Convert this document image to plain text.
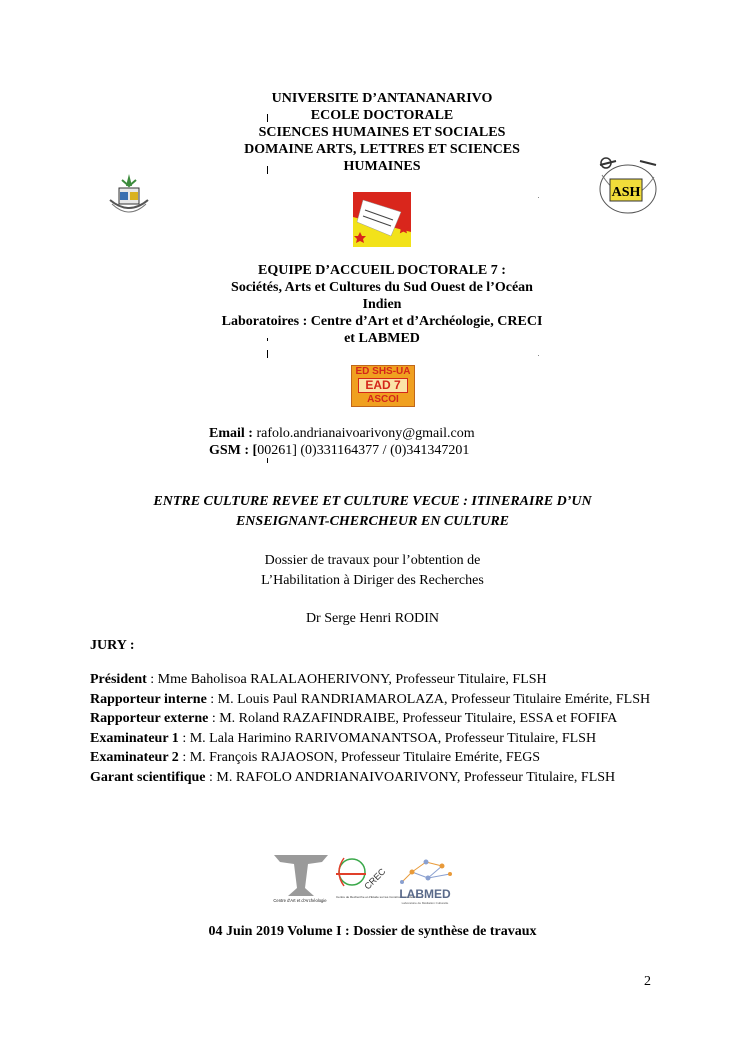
UNIVERSITE D’ANTANANARIVO
ECOLE DOCTORALE
SCIENCES HUMAINES ET SOCIALES
DOMAINE ARTS, LETTRES ET SCIENCES
HUMAINES
ASH
EQUIPE D’ACCUEIL DOCTORALE 7 :
Sociétés, Arts et Cultures du Sud Ouest de l’Océan
Indien
Laboratoires : Centre d’Art et d’Archéologie, CRECI
et LABMED
ED SHS-UA
EAD 7
ASCOI
Email : rafolo.andrianaivoarivony@gmail.com
GSM : [00261] (0)331164377 / (0)341347201
ENTRE CULTURE REVEE ET CULTURE VECUE : ITINERAIRE D’UN
ENSEIGNANT-CHERCHEUR EN CULTURE
Dossier de travaux pour l’obtention de
L’Habilitation à Diriger des Recherches
Dr Serge Henri RODIN
JURY :
Président : Mme Baholisoa RALALAOHERIVONY, Professeur Titulaire, FLSH
Rapporteur interne : M. Louis Paul RANDRIAMAROLAZA, Professeur Titulaire Emérite, FLSH
Rapporteur externe : M. Roland RAZAFINDRAIBE, Professeur Titulaire, ESSA et FOFIFA
Examinateur 1 : M. Lala Harimino RARIVOMANANTSOA, Professeur Titulaire, FLSH
Examinateur 2 : M. François RAJAOSON, Professeur Titulaire Emérite, FEGS
Garant scientifique : M. RAFOLO ANDRIANAIVOARIVONY, Professeur Titulaire, FLSH
Centre d'Art et d'Archéologie
CREC
Centre de Recherche et d'Etude sur les Constructions Identitaires
LABMED
Laboratoire de Médiation Culturelle
04 Juin 2019 Volume I : Dossier de synthèse de travaux
2
